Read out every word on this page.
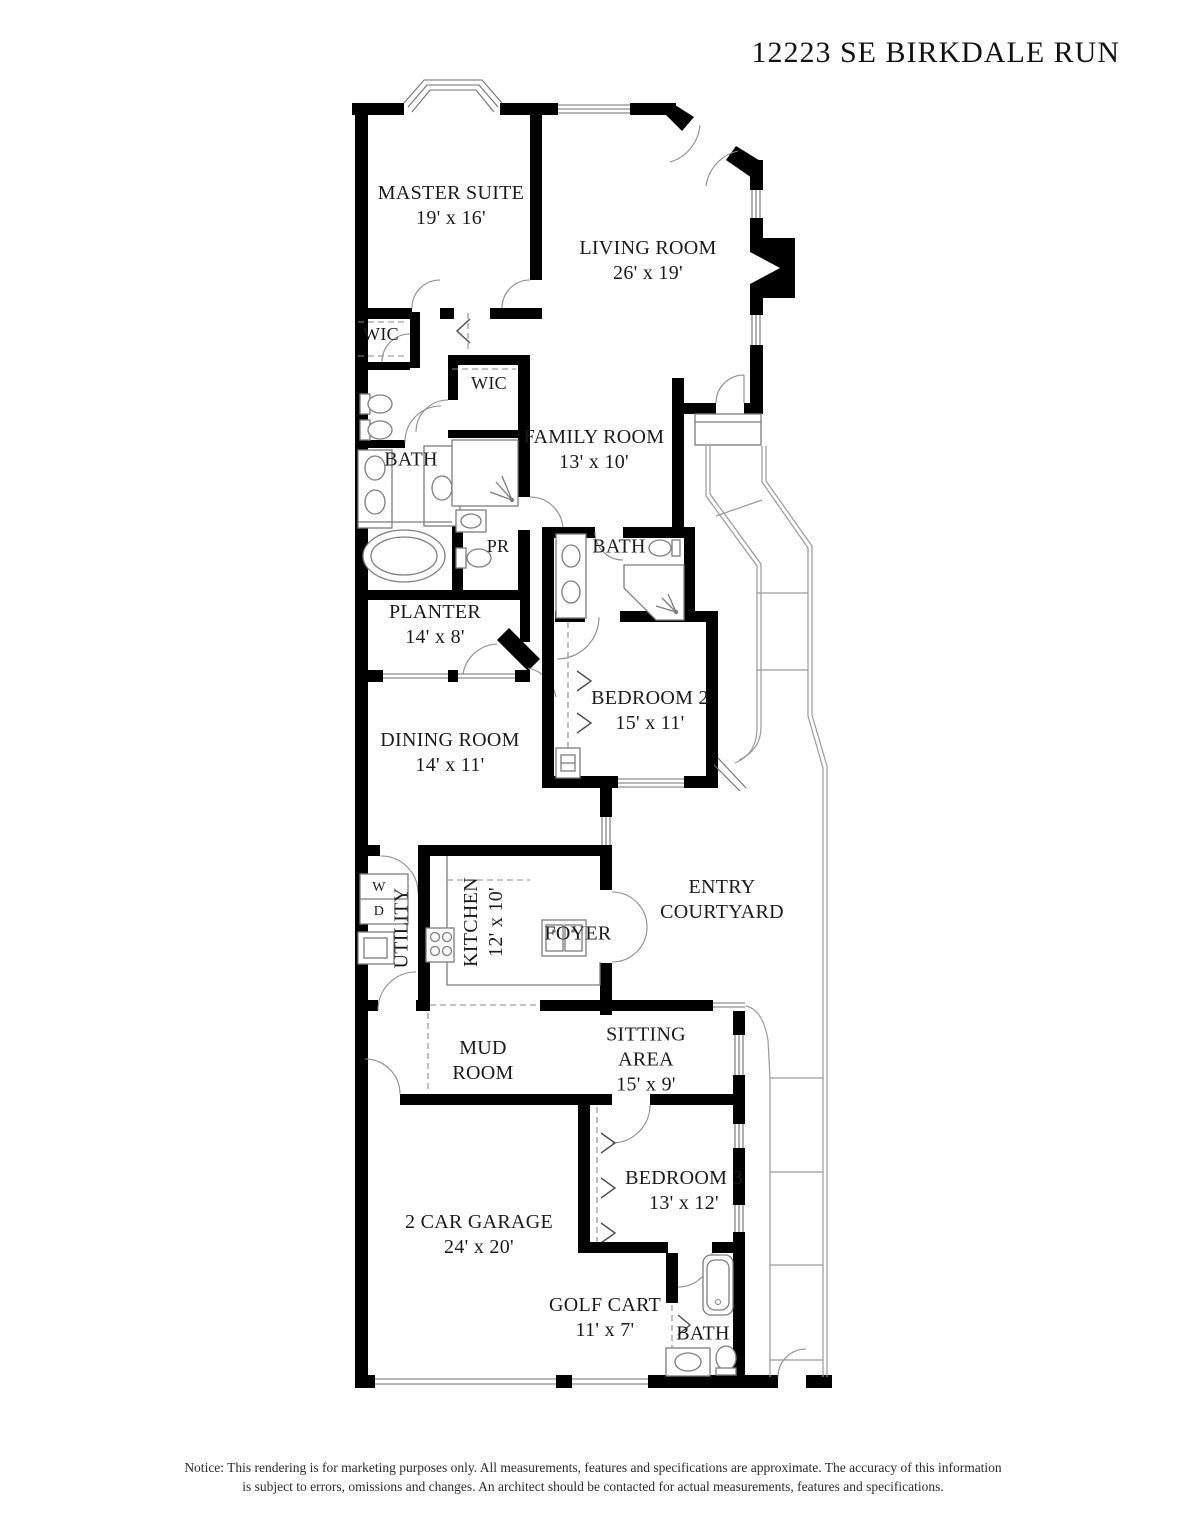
12223 SE BIRKDALE RUN
MASTER SUITE
19' x 16'
LIVING ROOM
26' x 19'
FAMILY ROOM
13' x 10'
PLANTER
14' x 8'
DINING ROOM
14' x 11'
BEDROOM 2
15' x 11'
ENTRY
COURTYARD
KITCHEN 12' x 10'
UTILITY	FOYER
MUD
ROOM
SITTING
AREA
15' x 9'
2 CAR GARAGE
24' x 20'
BEDROOM 3
13' x 12'
GOLF CART
11' x 7'
BATH
BATH
BATH
WIC
WIC
PR
W
D
Notice: This rendering is for marketing purposes only. All measurements, features and specifications are approximate. The accuracy of this information
is subject to errors, omissions and changes. An architect should be contacted for actual measurements, features and specifications.
